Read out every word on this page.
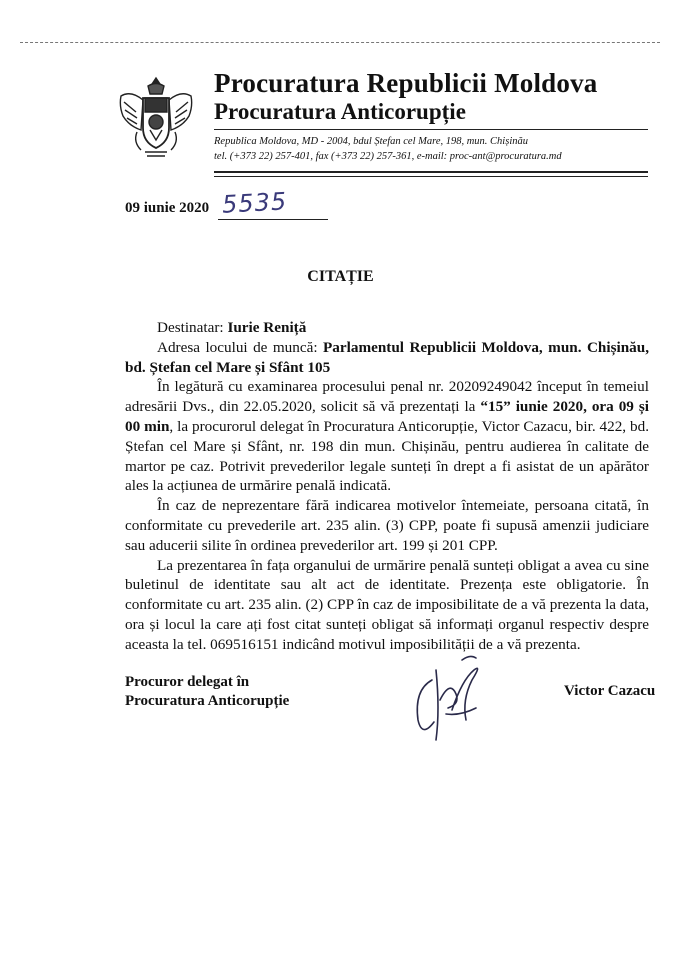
Procuratura Republicii Moldova
Procuratura Anticorupție
Republica Moldova, MD - 2004, bdul Ștefan cel Mare, 198, mun. Chișinău
tel. (+373 22) 257-401, fax (+373 22) 257-361, e-mail: proc-ant@procuratura.md
09 iunie 2020 5535
CITAȚIE

Destinatar: Iurie Reniță

Adresa locului de muncă: Parlamentul Republicii Moldova, mun. Chișinău, bd. Ștefan cel Mare și Sfânt 105

În legătură cu examinarea procesului penal nr. 20209249042 început în temeiul adresării Dvs., din 22.05.2020, solicit să vă prezentați la “15” iunie 2020, ora 09 și 00 min, la procurorul delegat în Procuratura Anticorupție, Victor Cazacu, bir. 422, bd. Ștefan cel Mare și Sfânt, nr. 198 din mun. Chișinău, pentru audierea în calitate de martor pe caz. Potrivit prevederilor legale sunteți în drept a fi asistat de un apărător ales la acțiunea de urmărire penală indicată.

În caz de neprezentare fără indicarea motivelor întemeiate, persoana citată, în conformitate cu prevederile art. 235 alin. (3) CPP, poate fi supusă amenzii judiciare sau aducerii silite în ordinea prevederilor art. 199 și 201 CPP.

La prezentarea în fața organului de urmărire penală sunteți obligat a avea cu sine buletinul de identitate sau alt act de identitate. Prezența este obligatorie. În conformitate cu art. 235 alin. (2) CPP în caz de imposibilitate de a vă prezenta la data, ora și locul la care ați fost citat sunteți obligat să informați organul respectiv despre aceasta la tel. 069516151 indicând motivul imposibilității de a vă prezenta.

Procuror delegat în
Procuratura Anticorupție
Victor Cazacu
